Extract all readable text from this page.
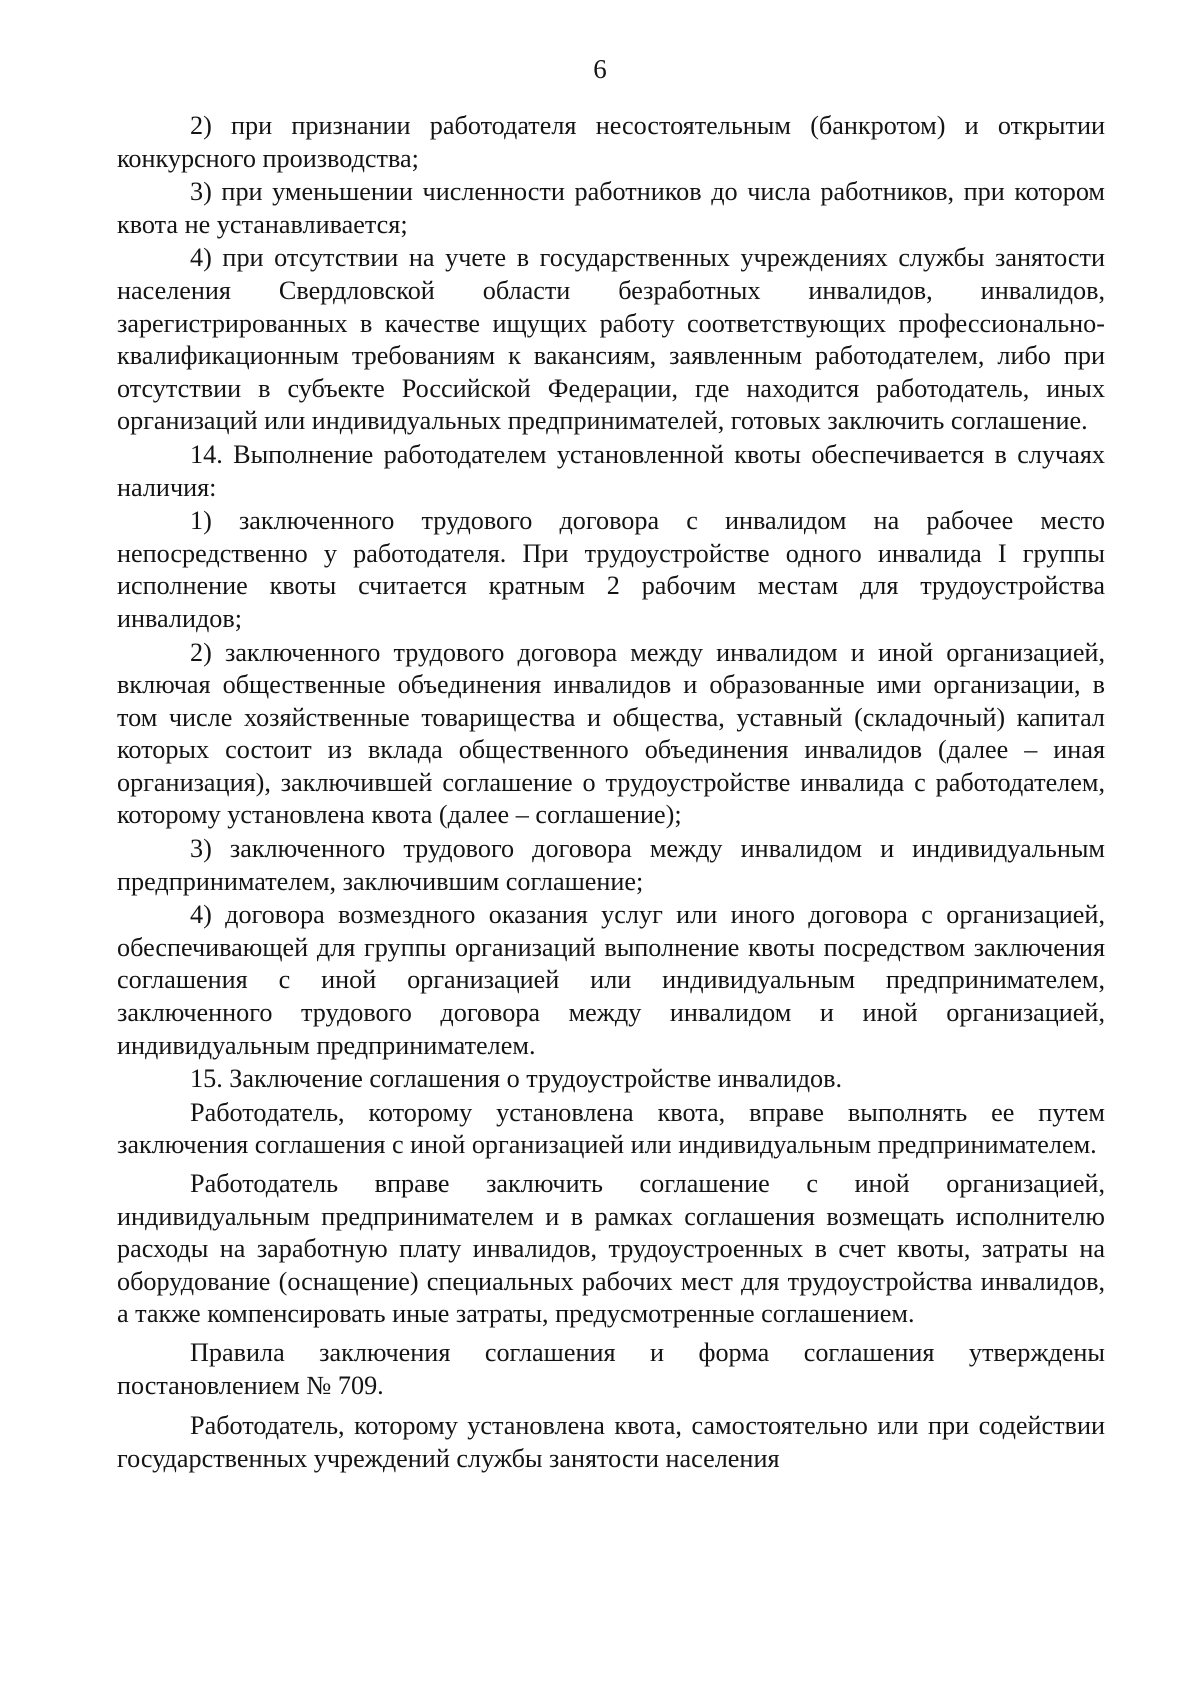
6

2) при признании работодателя несостоятельным (банкротом) и открытии конкурсного производства;

3) при уменьшении численности работников до числа работников, при котором квота не устанавливается;

4) при отсутствии на учете в государственных учреждениях службы занятости населения Свердловской области безработных инвалидов, инвалидов, зарегистрированных в качестве ищущих работу соответствующих профессионально-квалификационным требованиям к вакансиям, заявленным работодателем, либо при отсутствии в субъекте Российской Федерации, где находится работодатель, иных организаций или индивидуальных предпринимателей, готовых заключить соглашение.

14. Выполнение работодателем установленной квоты обеспечивается в случаях наличия:

1) заключенного трудового договора с инвалидом на рабочее место непосредственно у работодателя. При трудоустройстве одного инвалида I группы исполнение квоты считается кратным 2 рабочим местам для трудоустройства инвалидов;

2) заключенного трудового договора между инвалидом и иной организацией, включая общественные объединения инвалидов и образованные ими организации, в том числе хозяйственные товарищества и общества, уставный (складочный) капитал которых состоит из вклада общественного объединения инвалидов (далее – иная организация), заключившей соглашение о трудоустройстве инвалида с работодателем, которому установлена квота (далее – соглашение);

3) заключенного трудового договора между инвалидом и индивидуальным предпринимателем, заключившим соглашение;

4) договора возмездного оказания услуг или иного договора с организацией, обеспечивающей для группы организаций выполнение квоты посредством заключения соглашения с иной организацией или индивидуальным предпринимателем, заключенного трудового договора между инвалидом и иной организацией, индивидуальным предпринимателем.

15. Заключение соглашения о трудоустройстве инвалидов.

Работодатель, которому установлена квота, вправе выполнять ее путем заключения соглашения с иной организацией или индивидуальным предпринимателем.

Работодатель вправе заключить соглашение с иной организацией, индивидуальным предпринимателем и в рамках соглашения возмещать исполнителю расходы на заработную плату инвалидов, трудоустроенных в счет квоты, затраты на оборудование (оснащение) специальных рабочих мест для трудоустройства инвалидов, а также компенсировать иные затраты, предусмотренные соглашением.

Правила заключения соглашения и форма соглашения утверждены постановлением № 709.

Работодатель, которому установлена квота, самостоятельно или при содействии государственных учреждений службы занятости населения
